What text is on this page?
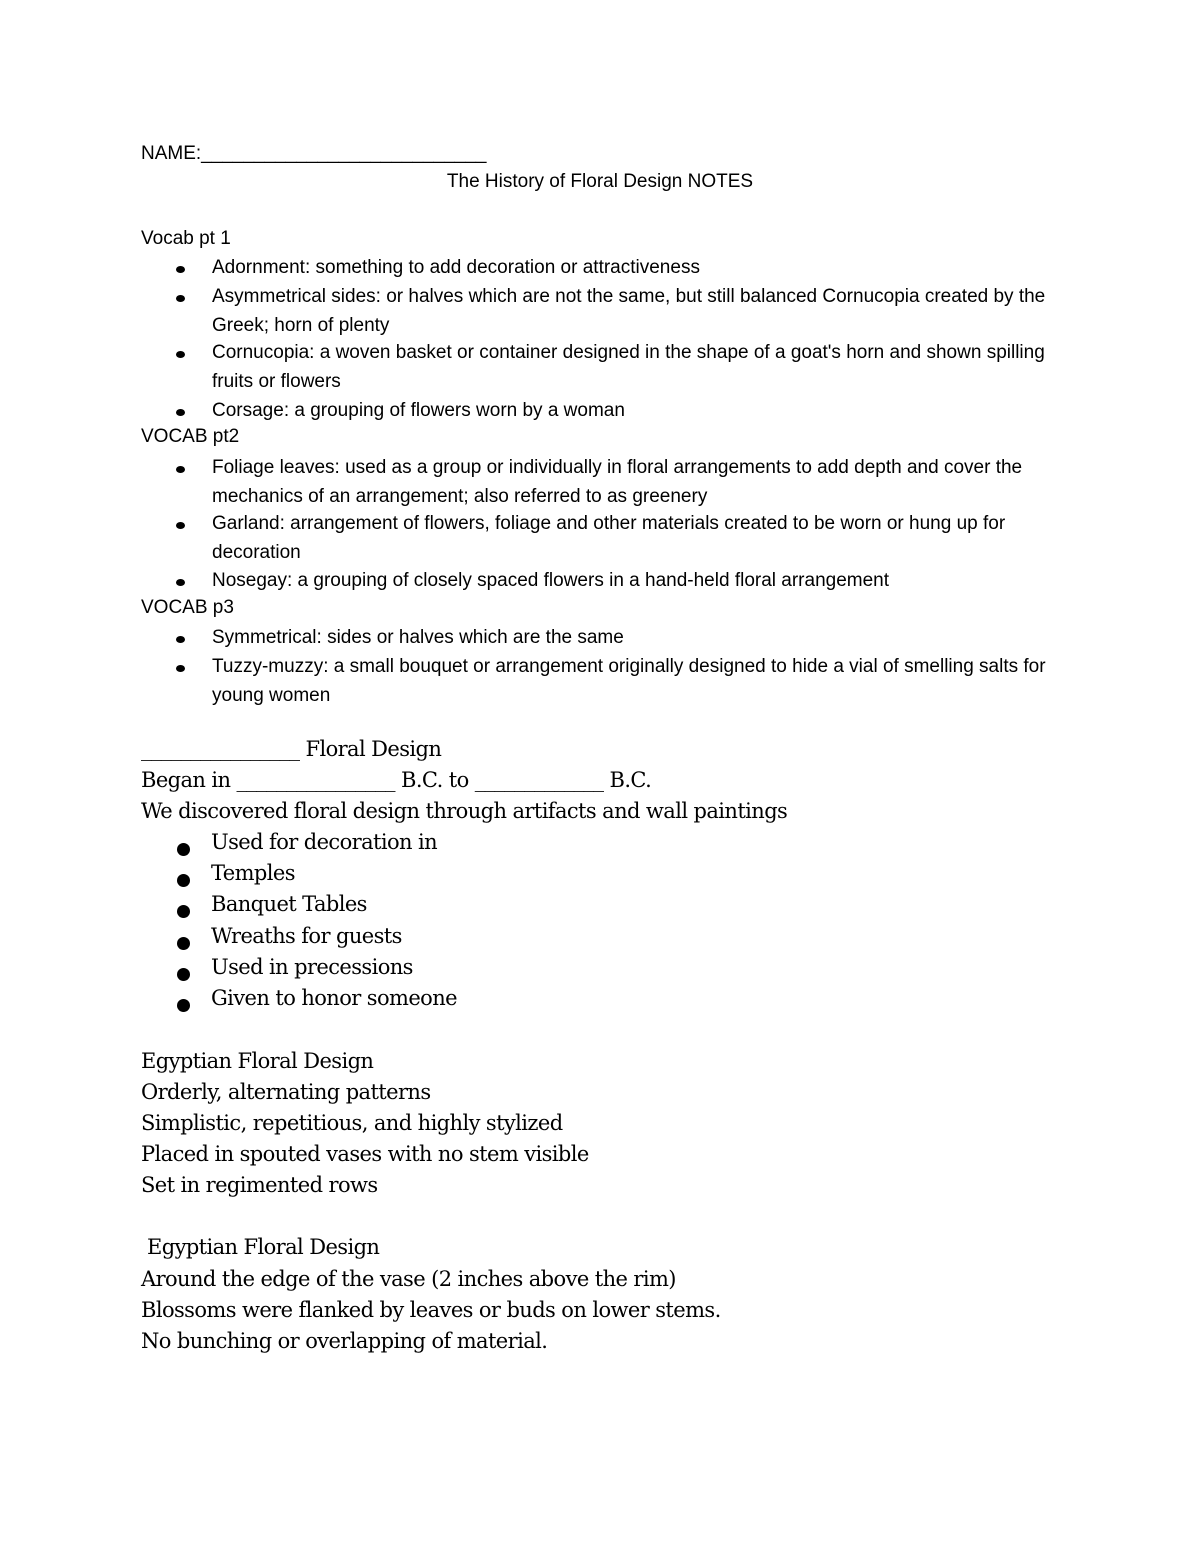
NAME:___________________________

The History of Floral Design NOTES

Vocab pt 1

Adornment: something to add decoration or attractiveness

Asymmetrical sides: or halves which are not the same, but still balanced Cornucopia created by the Greek; horn of plenty

Cornucopia: a woven basket or container designed in the shape of a goat's horn and shown spilling fruits or flowers

Corsage: a grouping of flowers worn by a woman

VOCAB pt2

Foliage leaves: used as a group or individually in floral arrangements to add depth and cover the mechanics of an arrangement; also referred to as greenery

Garland: arrangement of flowers, foliage and other materials created to be worn or hung up for decoration

Nosegay: a grouping of closely spaced flowers in a hand-held floral arrangement

VOCAB p3

Symmetrical: sides or halves which are the same

Tuzzy-muzzy: a small bouquet or arrangement originally designed to hide a vial of smelling salts for young women

________________ Floral Design

Began in ________________ B.C. to _____________ B.C.

We discovered floral design through artifacts and wall paintings

Used for decoration in

Temples

Banquet Tables

Wreaths for guests

Used in precessions

Given to honor someone

Egyptian Floral Design

Orderly, alternating patterns

Simplistic, repetitious, and highly stylized

Placed in spouted vases with no stem visible

Set in regimented rows

Egyptian Floral Design

Around the edge of the vase (2 inches above the rim)

Blossoms were flanked by leaves or buds on lower stems.

No bunching or overlapping of material.
